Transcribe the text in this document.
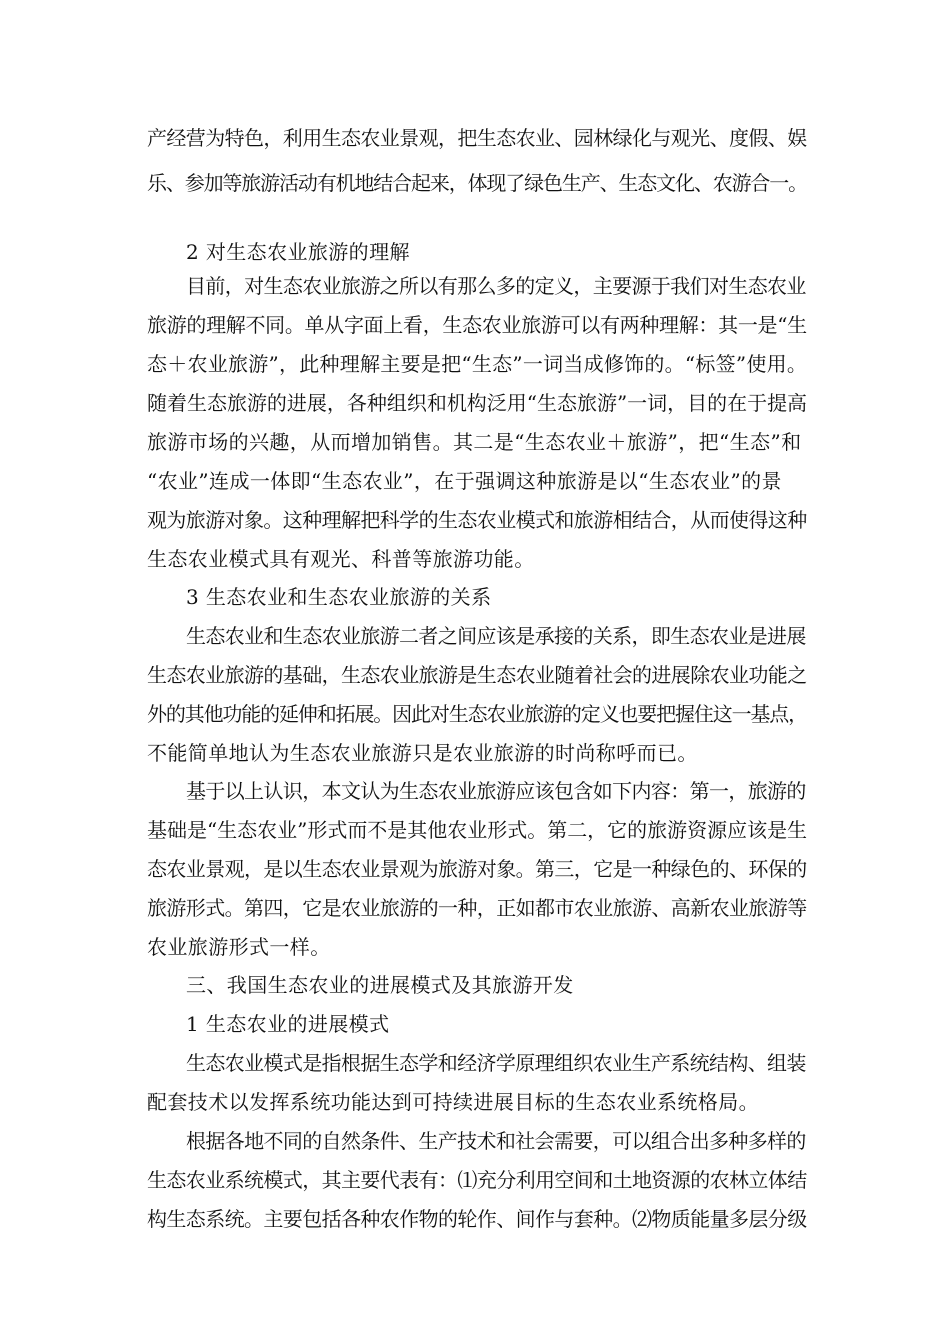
产经营为特色，利用生态农业景观，把生态农业、园林绿化与观光、度假、娱
乐、参加等旅游活动有机地结合起来，体现了绿色生产、生态文化、农游合一。
2 对生态农业旅游的理解
目前，对生态农业旅游之所以有那么多的定义，主要源于我们对生态农业
旅游的理解不同。单从字面上看，生态农业旅游可以有两种理解：其一是“生
态＋农业旅游”，此种理解主要是把“生态”一词当成修饰的。“标签”使用。
随着生态旅游的进展，各种组织和机构泛用“生态旅游”一词，目的在于提高
旅游市场的兴趣，从而增加销售。其二是“生态农业＋旅游”，把“生态”和
“农业”连成一体即“生态农业”，在于强调这种旅游是以“生态农业”的景
观为旅游对象。这种理解把科学的生态农业模式和旅游相结合，从而使得这种
生态农业模式具有观光、科普等旅游功能。
3 生态农业和生态农业旅游的关系
生态农业和生态农业旅游二者之间应该是承接的关系，即生态农业是进展
生态农业旅游的基础，生态农业旅游是生态农业随着社会的进展除农业功能之
外的其他功能的延伸和拓展。因此对生态农业旅游的定义也要把握住这一基点，
不能简单地认为生态农业旅游只是农业旅游的时尚称呼而已。
基于以上认识，本文认为生态农业旅游应该包含如下内容：第一，旅游的
基础是“生态农业”形式而不是其他农业形式。第二，它的旅游资源应该是生
态农业景观，是以生态农业景观为旅游对象。第三，它是一种绿色的、环保的
旅游形式。第四，它是农业旅游的一种，正如都市农业旅游、高新农业旅游等
农业旅游形式一样。
三、我国生态农业的进展模式及其旅游开发
1 生态农业的进展模式
生态农业模式是指根据生态学和经济学原理组织农业生产系统结构、组装
配套技术以发挥系统功能达到可持续进展目标的生态农业系统格局。
根据各地不同的自然条件、生产技术和社会需要，可以组合出多种多样的
生态农业系统模式，其主要代表有：⑴充分利用空间和土地资源的农林立体结
构生态系统。主要包括各种农作物的轮作、间作与套种。⑵物质能量多层分级
